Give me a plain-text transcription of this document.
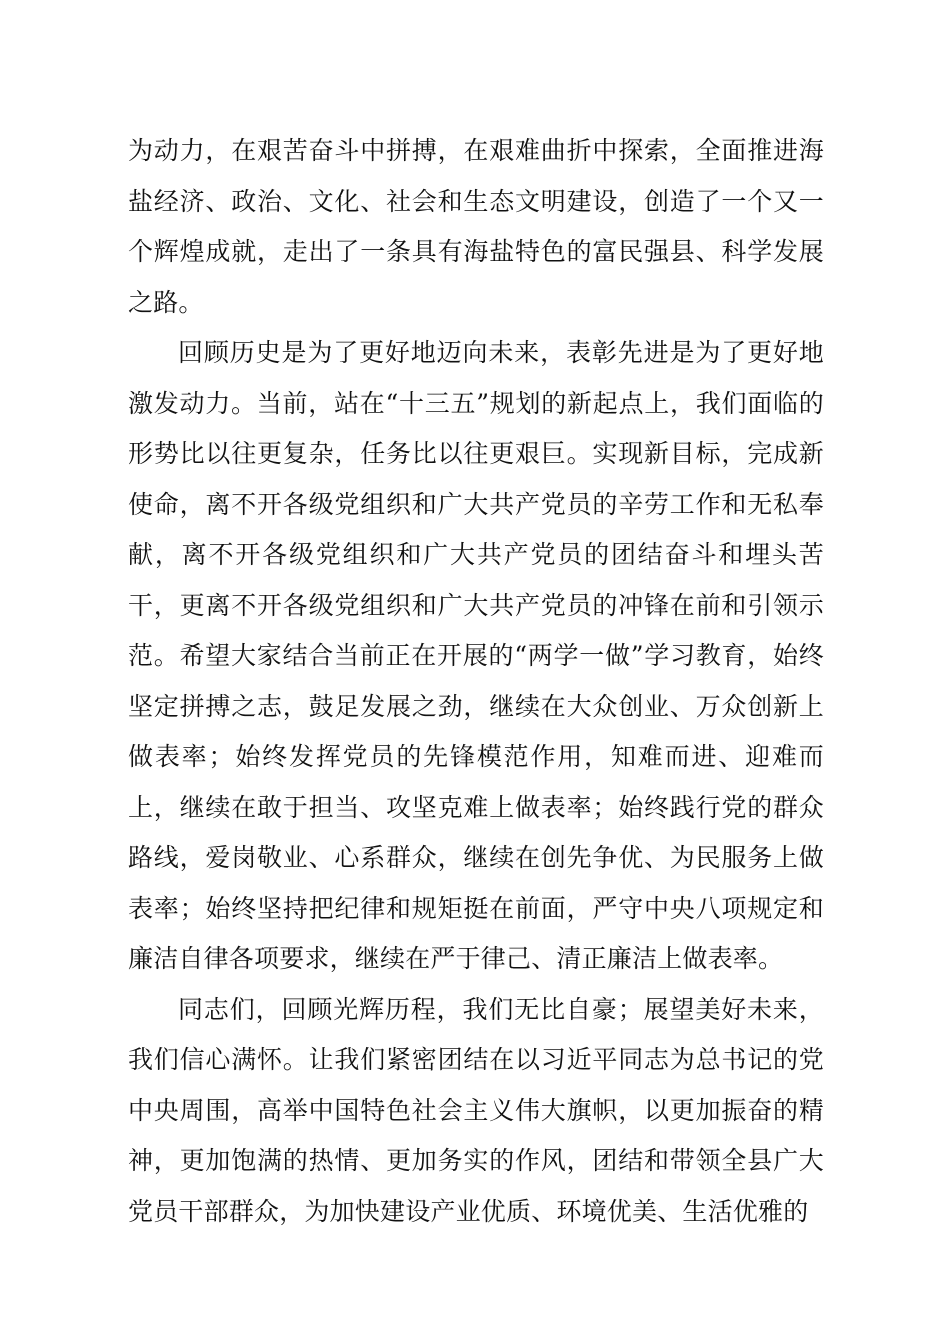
为动力，在艰苦奋斗中拼搏，在艰难曲折中探索，全面推进海盐经济、政治、文化、社会和生态文明建设，创造了一个又一个辉煌成就，走出了一条具有海盐特色的富民强县、科学发展之路。

回顾历史是为了更好地迈向未来，表彰先进是为了更好地激发动力。当前，站在“十三五”规划的新起点上，我们面临的形势比以往更复杂，任务比以往更艰巨。实现新目标，完成新使命，离不开各级党组织和广大共产党员的辛劳工作和无私奉献，离不开各级党组织和广大共产党员的团结奋斗和埋头苦干，更离不开各级党组织和广大共产党员的冲锋在前和引领示范。希望大家结合当前正在开展的“两学一做”学习教育，始终坚定拼搏之志，鼓足发展之劲，继续在大众创业、万众创新上做表率；始终发挥党员的先锋模范作用，知难而进、迎难而上，继续在敢于担当、攻坚克难上做表率；始终践行党的群众路线，爱岗敬业、心系群众，继续在创先争优、为民服务上做表率；始终坚持把纪律和规矩挺在前面，严守中央八项规定和廉洁自律各项要求，继续在严于律己、清正廉洁上做表率。

同志们，回顾光辉历程，我们无比自豪；展望美好未来，我们信心满怀。让我们紧密团结在以习近平同志为总书记的党中央周围，高举中国特色社会主义伟大旗帜，以更加振奋的精神，更加饱满的热情、更加务实的作风，团结和带领全县广大党员干部群众，为加快建设产业优质、环境优美、生活优雅的
